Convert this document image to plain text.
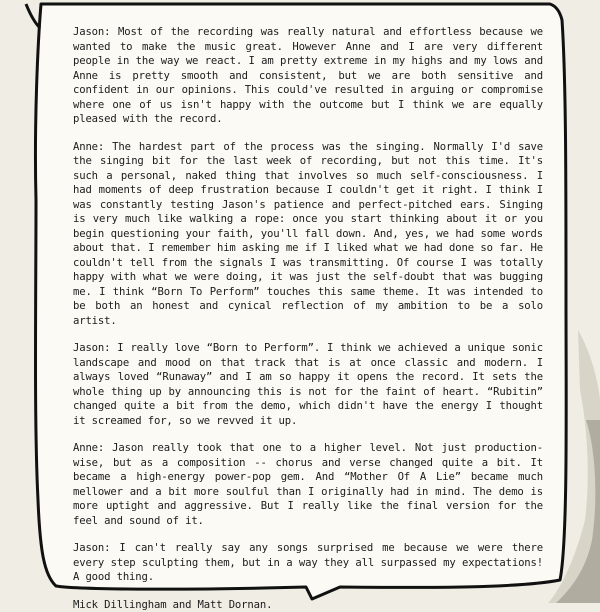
Jason: Most of the recording was really natural and effortless because we wanted to make the music great. However Anne and I are very different people in the way we react. I am pretty extreme in my highs and my lows and Anne is pretty smooth and consistent, but we are both sensitive and confident in our opinions. This could've resulted in arguing or compromise where one of us isn't happy with the outcome but I think we are equally pleased with the record.

Anne: The hardest part of the process was the singing. Normally I'd save the singing bit for the last week of recording, but not this time. It's such a personal, naked thing that involves so much self-consciousness. I had moments of deep frustration because I couldn't get it right. I think I was constantly testing Jason's patience and perfect-pitched ears. Singing is very much like walking a rope: once you start thinking about it or you begin questioning your faith, you'll fall down. And, yes, we had some words about that. I remember him asking me if I liked what we had done so far. He couldn't tell from the signals I was transmitting. Of course I was totally happy with what we were doing, it was just the self-doubt that was bugging me. I think “Born To Perform” touches this same theme. It was intended to be both an honest and cynical reflection of my ambition to be a solo artist.

Jason: I really love “Born to Perform”. I think we achieved a unique sonic landscape and mood on that track that is at once classic and modern. I always loved “Runaway” and I am so happy it opens the record. It sets the whole thing up by announcing this is not for the faint of heart. “Rubitin” changed quite a bit from the demo, which didn't have the energy I thought it screamed for, so we revved it up.

Anne: Jason really took that one to a higher level. Not just production-wise, but as a composition -- chorus and verse changed quite a bit. It became a high-energy power-pop gem. And “Mother Of A Lie” became much mellower and a bit more soulful than I originally had in mind. The demo is more uptight and aggressive. But I really like the final version for the feel and sound of it.

Jason: I can't really say any songs surprised me because we were there every step sculpting them, but in a way they all surpassed my expectations! A good thing.

Mick Dillingham and Matt Dornan.
